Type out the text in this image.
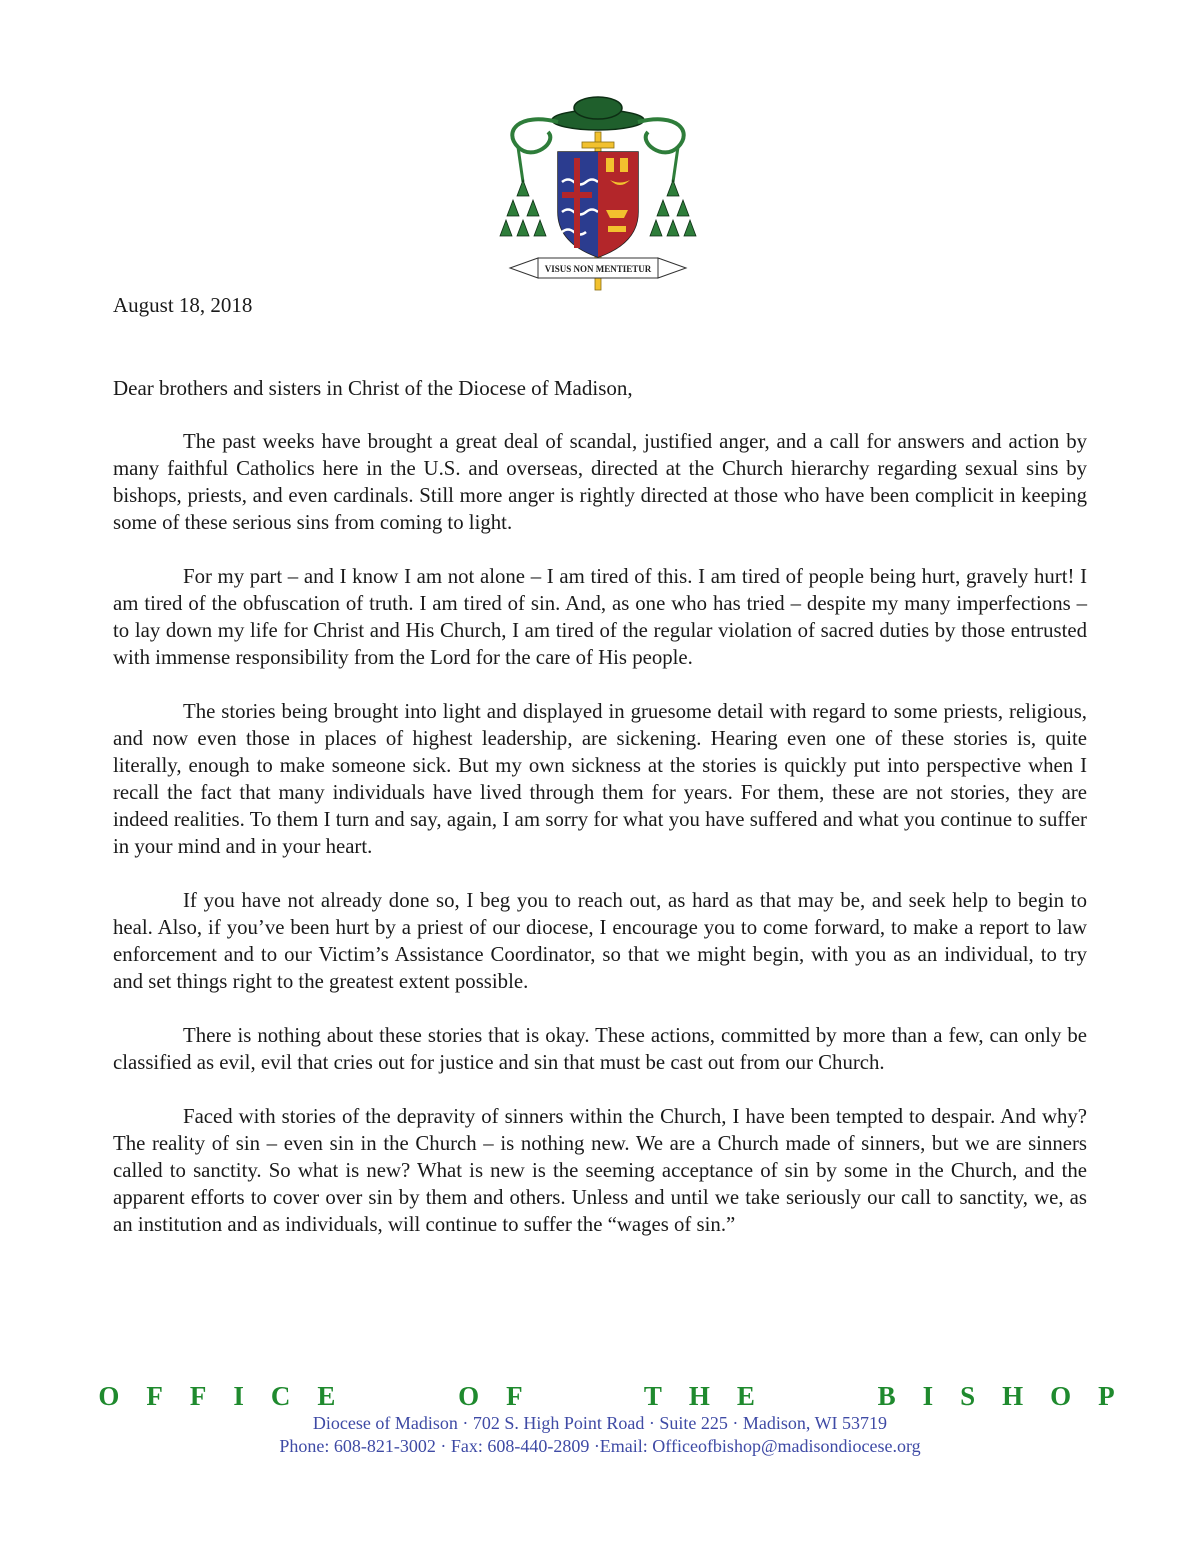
VISUS NON MENTIETUR
August 18, 2018
Dear brothers and sisters in Christ of the Diocese of Madison,

The past weeks have brought a great deal of scandal, justified anger, and a call for answers and action by many faithful Catholics here in the U.S. and overseas, directed at the Church hierarchy regarding sexual sins by bishops, priests, and even cardinals. Still more anger is rightly directed at those who have been complicit in keeping some of these serious sins from coming to light.

For my part – and I know I am not alone – I am tired of this. I am tired of people being hurt, gravely hurt! I am tired of the obfuscation of truth. I am tired of sin. And, as one who has tried – despite my many imperfections – to lay down my life for Christ and His Church, I am tired of the regular violation of sacred duties by those entrusted with immense responsibility from the Lord for the care of His people.

The stories being brought into light and displayed in gruesome detail with regard to some priests, religious, and now even those in places of highest leadership, are sickening. Hearing even one of these stories is, quite literally, enough to make someone sick. But my own sickness at the stories is quickly put into perspective when I recall the fact that many individuals have lived through them for years. For them, these are not stories, they are indeed realities. To them I turn and say, again, I am sorry for what you have suffered and what you continue to suffer in your mind and in your heart.

If you have not already done so, I beg you to reach out, as hard as that may be, and seek help to begin to heal. Also, if you’ve been hurt by a priest of our diocese, I encourage you to come forward, to make a report to law enforcement and to our Victim’s Assistance Coordinator, so that we might begin, with you as an individual, to try and set things right to the greatest extent possible.

There is nothing about these stories that is okay. These actions, committed by more than a few, can only be classified as evil, evil that cries out for justice and sin that must be cast out from our Church.

Faced with stories of the depravity of sinners within the Church, I have been tempted to despair. And why? The reality of sin – even sin in the Church – is nothing new. We are a Church made of sinners, but we are sinners called to sanctity. So what is new? What is new is the seeming acceptance of sin by some in the Church, and the apparent efforts to cover over sin by them and others. Unless and until we take seriously our call to sanctity, we, as an institution and as individuals, will continue to suffer the “wages of sin.”

OFFICE OF THE BISHOP
Diocese of Madison · 702 S. High Point Road · Suite 225 · Madison, WI 53719
Phone: 608-821-3002 · Fax: 608-440-2809 ·Email: Officeofbishop@madisondiocese.org
